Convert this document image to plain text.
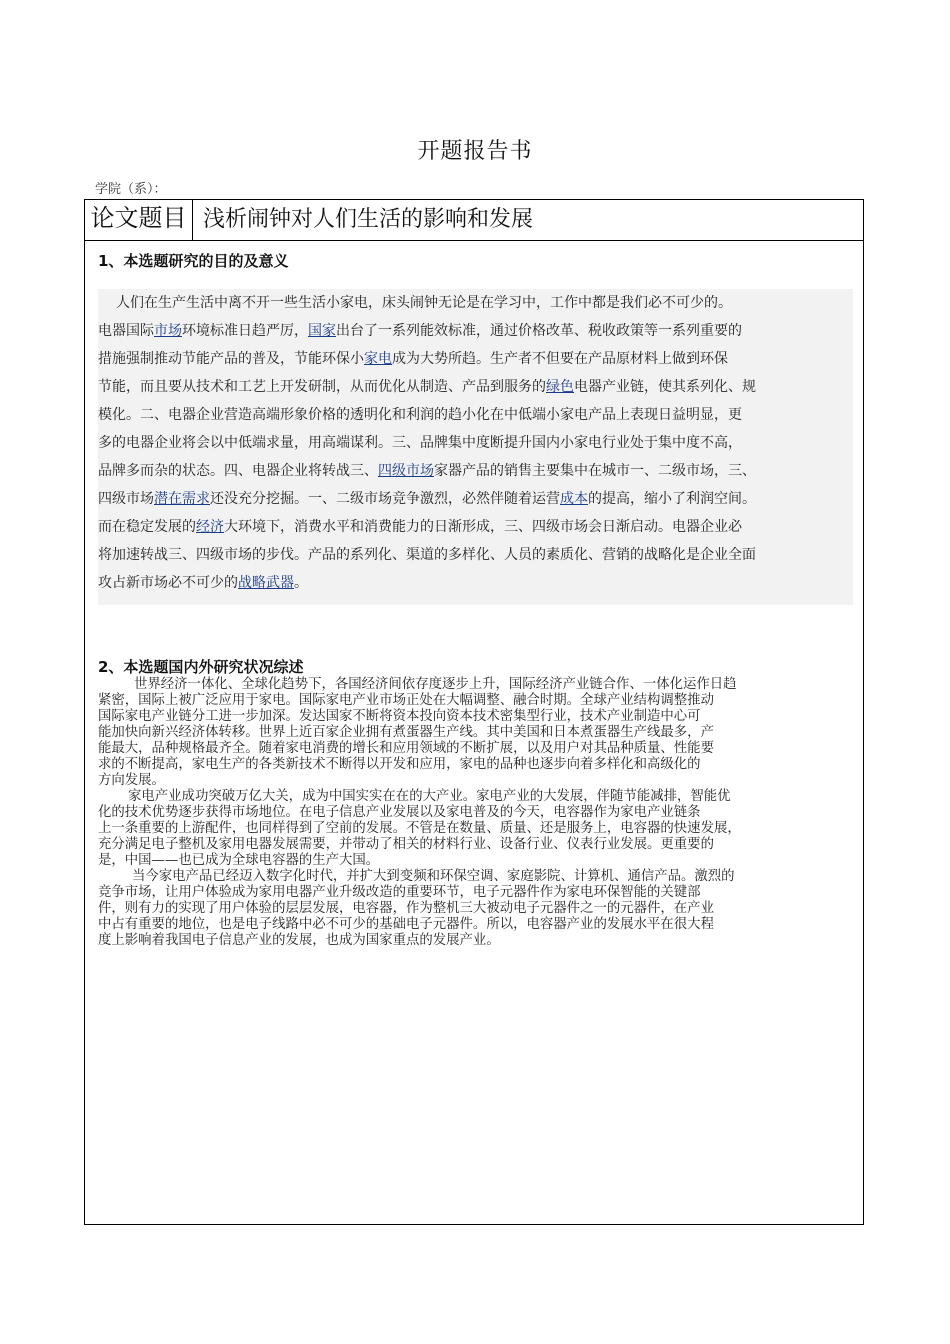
开题报告书
学院（系）：
论文题目 浅析闹钟对人们生活的影响和发展
1、本选题研究的目的及意义
人们在生产生活中离不开一些生活小家电，床头闹钟无论是在学习中，工作中都是我们必不可少的。
电器国际市场环境标准日趋严厉，国家出台了一系列能效标准，通过价格改革、税收政策等一系列重要的
措施强制推动节能产品的普及，节能环保小家电成为大势所趋。生产者不但要在产品原材料上做到环保
节能，而且要从技术和工艺上开发研制，从而优化从制造、产品到服务的绿色电器产业链，使其系列化、规
模化。二、电器企业营造高端形象价格的透明化和利润的趋小化在中低端小家电产品上表现日益明显，更
多的电器企业将会以中低端求量，用高端谋利。三、品牌集中度断提升国内小家电行业处于集中度不高，
品牌多而杂的状态。四、电器企业将转战三、四级市场家器产品的销售主要集中在城市一、二级市场，三、
四级市场潜在需求还没充分挖掘。一、二级市场竞争激烈，必然伴随着运营成本的提高，缩小了利润空间。
而在稳定发展的经济大环境下，消费水平和消费能力的日渐形成，三、四级市场会日渐启动。电器企业必
将加速转战三、四级市场的步伐。产品的系列化、渠道的多样化、人员的素质化、营销的战略化是企业全面
攻占新市场必不可少的战略武器。
2、本选题国内外研究状况综述
世界经济一体化、全球化趋势下，各国经济间依存度逐步上升，国际经济产业链合作、一体化运作日趋
紧密，国际上被广泛应用于家电。国际家电产业市场正处在大幅调整、融合时期。全球产业结构调整推动
国际家电产业链分工进一步加深。发达国家不断将资本投向资本技术密集型行业，技术产业制造中心可
能加快向新兴经济体转移。世界上近百家企业拥有煮蛋器生产线。其中美国和日本煮蛋器生产线最多，产
能最大，品种规格最齐全。随着家电消费的增长和应用领域的不断扩展，以及用户对其品种质量、性能要
求的不断提高，家电生产的各类新技术不断得以开发和应用，家电的品种也逐步向着多样化和高级化的
方向发展。
家电产业成功突破万亿大关，成为中国实实在在的大产业。家电产业的大发展，伴随节能减排，智能优
化的技术优势逐步获得市场地位。在电子信息产业发展以及家电普及的今天，电容器作为家电产业链条
上一条重要的上游配件，也同样得到了空前的发展。不管是在数量、质量、还是服务上，电容器的快速发展，
充分满足电子整机及家用电器发展需要，并带动了相关的材料行业、设备行业、仪表行业发展。更重要的
是，中国——也已成为全球电容器的生产大国。
当今家电产品已经迈入数字化时代，并扩大到变频和环保空调、家庭影院、计算机、通信产品。激烈的
竞争市场，让用户体验成为家用电器产业升级改造的重要环节，电子元器件作为家电环保智能的关键部
件，则有力的实现了用户体验的层层发展，电容器，作为整机三大被动电子元器件之一的元器件，在产业
中占有重要的地位，也是电子线路中必不可少的基础电子元器件。所以，电容器产业的发展水平在很大程
度上影响着我国电子信息产业的发展，也成为国家重点的发展产业。
